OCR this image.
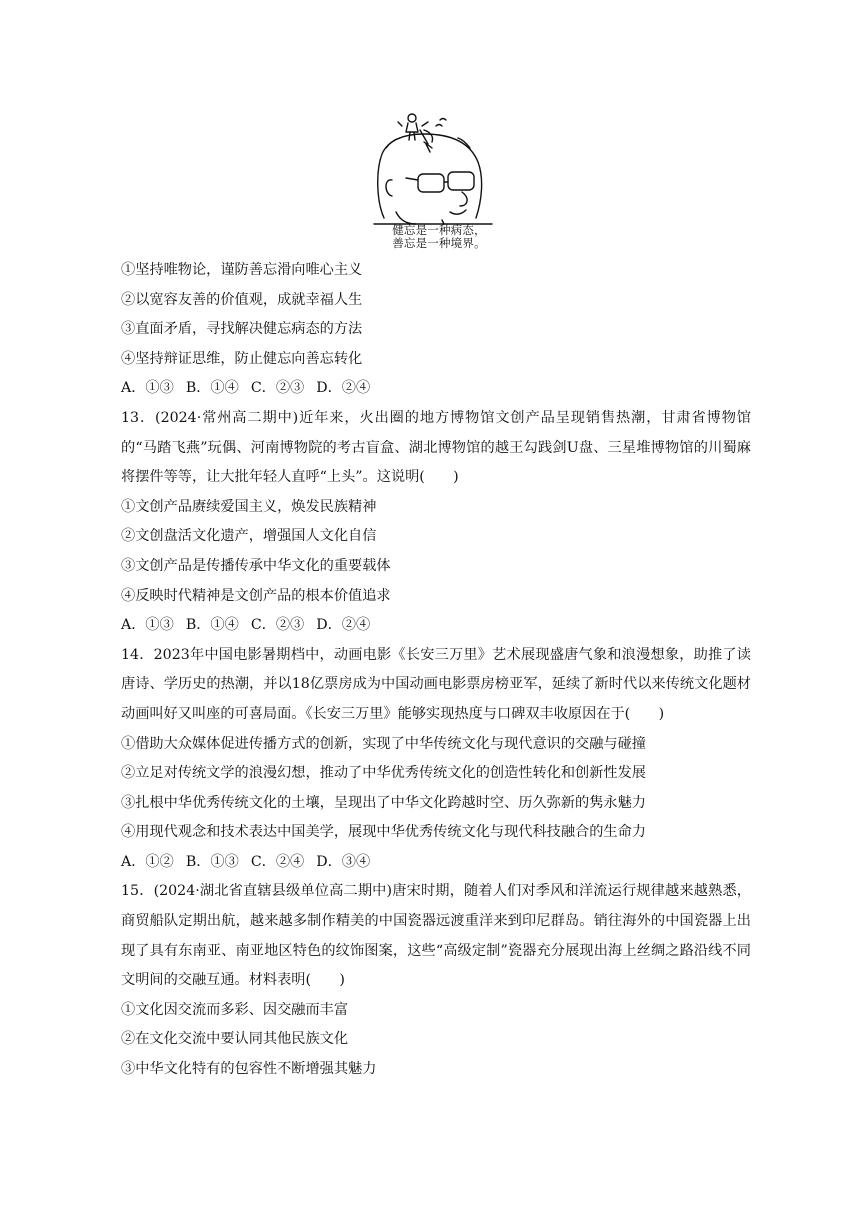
健忘是一种病态，
善忘是一种境界。
①坚持唯物论，谨防善忘滑向唯心主义
②以宽容友善的价值观，成就幸福人生
③直面矛盾，寻找解决健忘病态的方法
④坚持辩证思维，防止健忘向善忘转化
A．①③ B．①④ C．②③ D．②④
13．(2024·常州高二期中)近年来，火出圈的地方博物馆文创产品呈现销售热潮，甘肃省博物馆的“马踏飞燕”玩偶、河南博物院的考古盲盒、湖北博物馆的越王勾践剑U盘、三星堆博物馆的川蜀麻将摆件等等，让大批年轻人直呼“上头”。这说明(　　)
①文创产品赓续爱国主义，焕发民族精神
②文创盘活文化遗产，增强国人文化自信
③文创产品是传播传承中华文化的重要载体
④反映时代精神是文创产品的根本价值追求
A．①③ B．①④ C．②③ D．②④
14．2023年中国电影暑期档中，动画电影《长安三万里》艺术展现盛唐气象和浪漫想象，助推了读唐诗、学历史的热潮，并以18亿票房成为中国动画电影票房榜亚军，延续了新时代以来传统文化题材动画叫好又叫座的可喜局面。《长安三万里》能够实现热度与口碑双丰收原因在于(　　)
①借助大众媒体促进传播方式的创新，实现了中华传统文化与现代意识的交融与碰撞
②立足对传统文学的浪漫幻想，推动了中华优秀传统文化的创造性转化和创新性发展
③扎根中华优秀传统文化的土壤，呈现出了中华文化跨越时空、历久弥新的隽永魅力
④用现代观念和技术表达中国美学，展现中华优秀传统文化与现代科技融合的生命力
A．①② B．①③ C．②④ D．③④
15．(2024·湖北省直辖县级单位高二期中)唐宋时期，随着人们对季风和洋流运行规律越来越熟悉，商贸船队定期出航，越来越多制作精美的中国瓷器远渡重洋来到印尼群岛。销往海外的中国瓷器上出现了具有东南亚、南亚地区特色的纹饰图案，这些“高级定制”瓷器充分展现出海上丝绸之路沿线不同文明间的交融互通。材料表明(　　)
①文化因交流而多彩、因交融而丰富
②在文化交流中要认同其他民族文化
③中华文化特有的包容性不断增强其魅力
